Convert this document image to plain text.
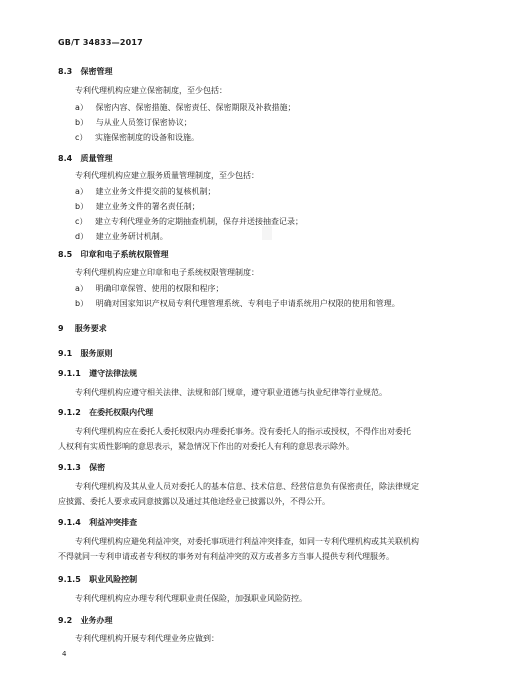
GB/T 34833—2017
8.3 保密管理
专利代理机构应建立保密制度，至少包括：
a） 保密内容、保密措施、保密责任、保密期限及补救措施；
b） 与从业人员签订保密协议；
c） 实施保密制度的设备和设施。
8.4 质量管理
专利代理机构应建立服务质量管理制度，至少包括：
a） 建立业务文件提交前的复核机制；
b） 建立业务文件的署名责任制；
c） 建立专利代理业务的定期抽查机制，保存并送接抽查记录；
d） 建立业务研讨机制。
8.5 印章和电子系统权限管理
专利代理机构应建立印章和电子系统权限管理制度：
a） 明确印章保管、使用的权限和程序；
b） 明确对国家知识产权局专利代理管理系统、专利电子申请系统用户权限的使用和管理。
9 服务要求
9.1 服务原则
9.1.1 遵守法律法规
专利代理机构应遵守相关法律、法规和部门规章，遵守职业道德与执业纪律等行业规范。
9.1.2 在委托权限内代理
专利代理机构应在委托人委托权限内办理委托事务。没有委托人的指示或授权，不得作出对委托
人权利有实质性影响的意思表示，紧急情况下作出的对委托人有利的意思表示除外。
9.1.3 保密
专利代理机构及其从业人员对委托人的基本信息、技术信息、经营信息负有保密责任，除法律规定
应披露、委托人要求或同意披露以及通过其他途经业已披露以外，不得公开。
9.1.4 利益冲突排查
专利代理机构应避免利益冲突，对委托事项进行利益冲突排查，如同一专利代理机构或其关联机构
不得就同一专利申请或者专利权的事务对有利益冲突的双方或者多方当事人提供专利代理服务。
9.1.5 职业风险控制
专利代理机构应办理专利代理职业责任保险，加强职业风险防控。
9.2 业务办理
专利代理机构开展专利代理业务应做到：
4
